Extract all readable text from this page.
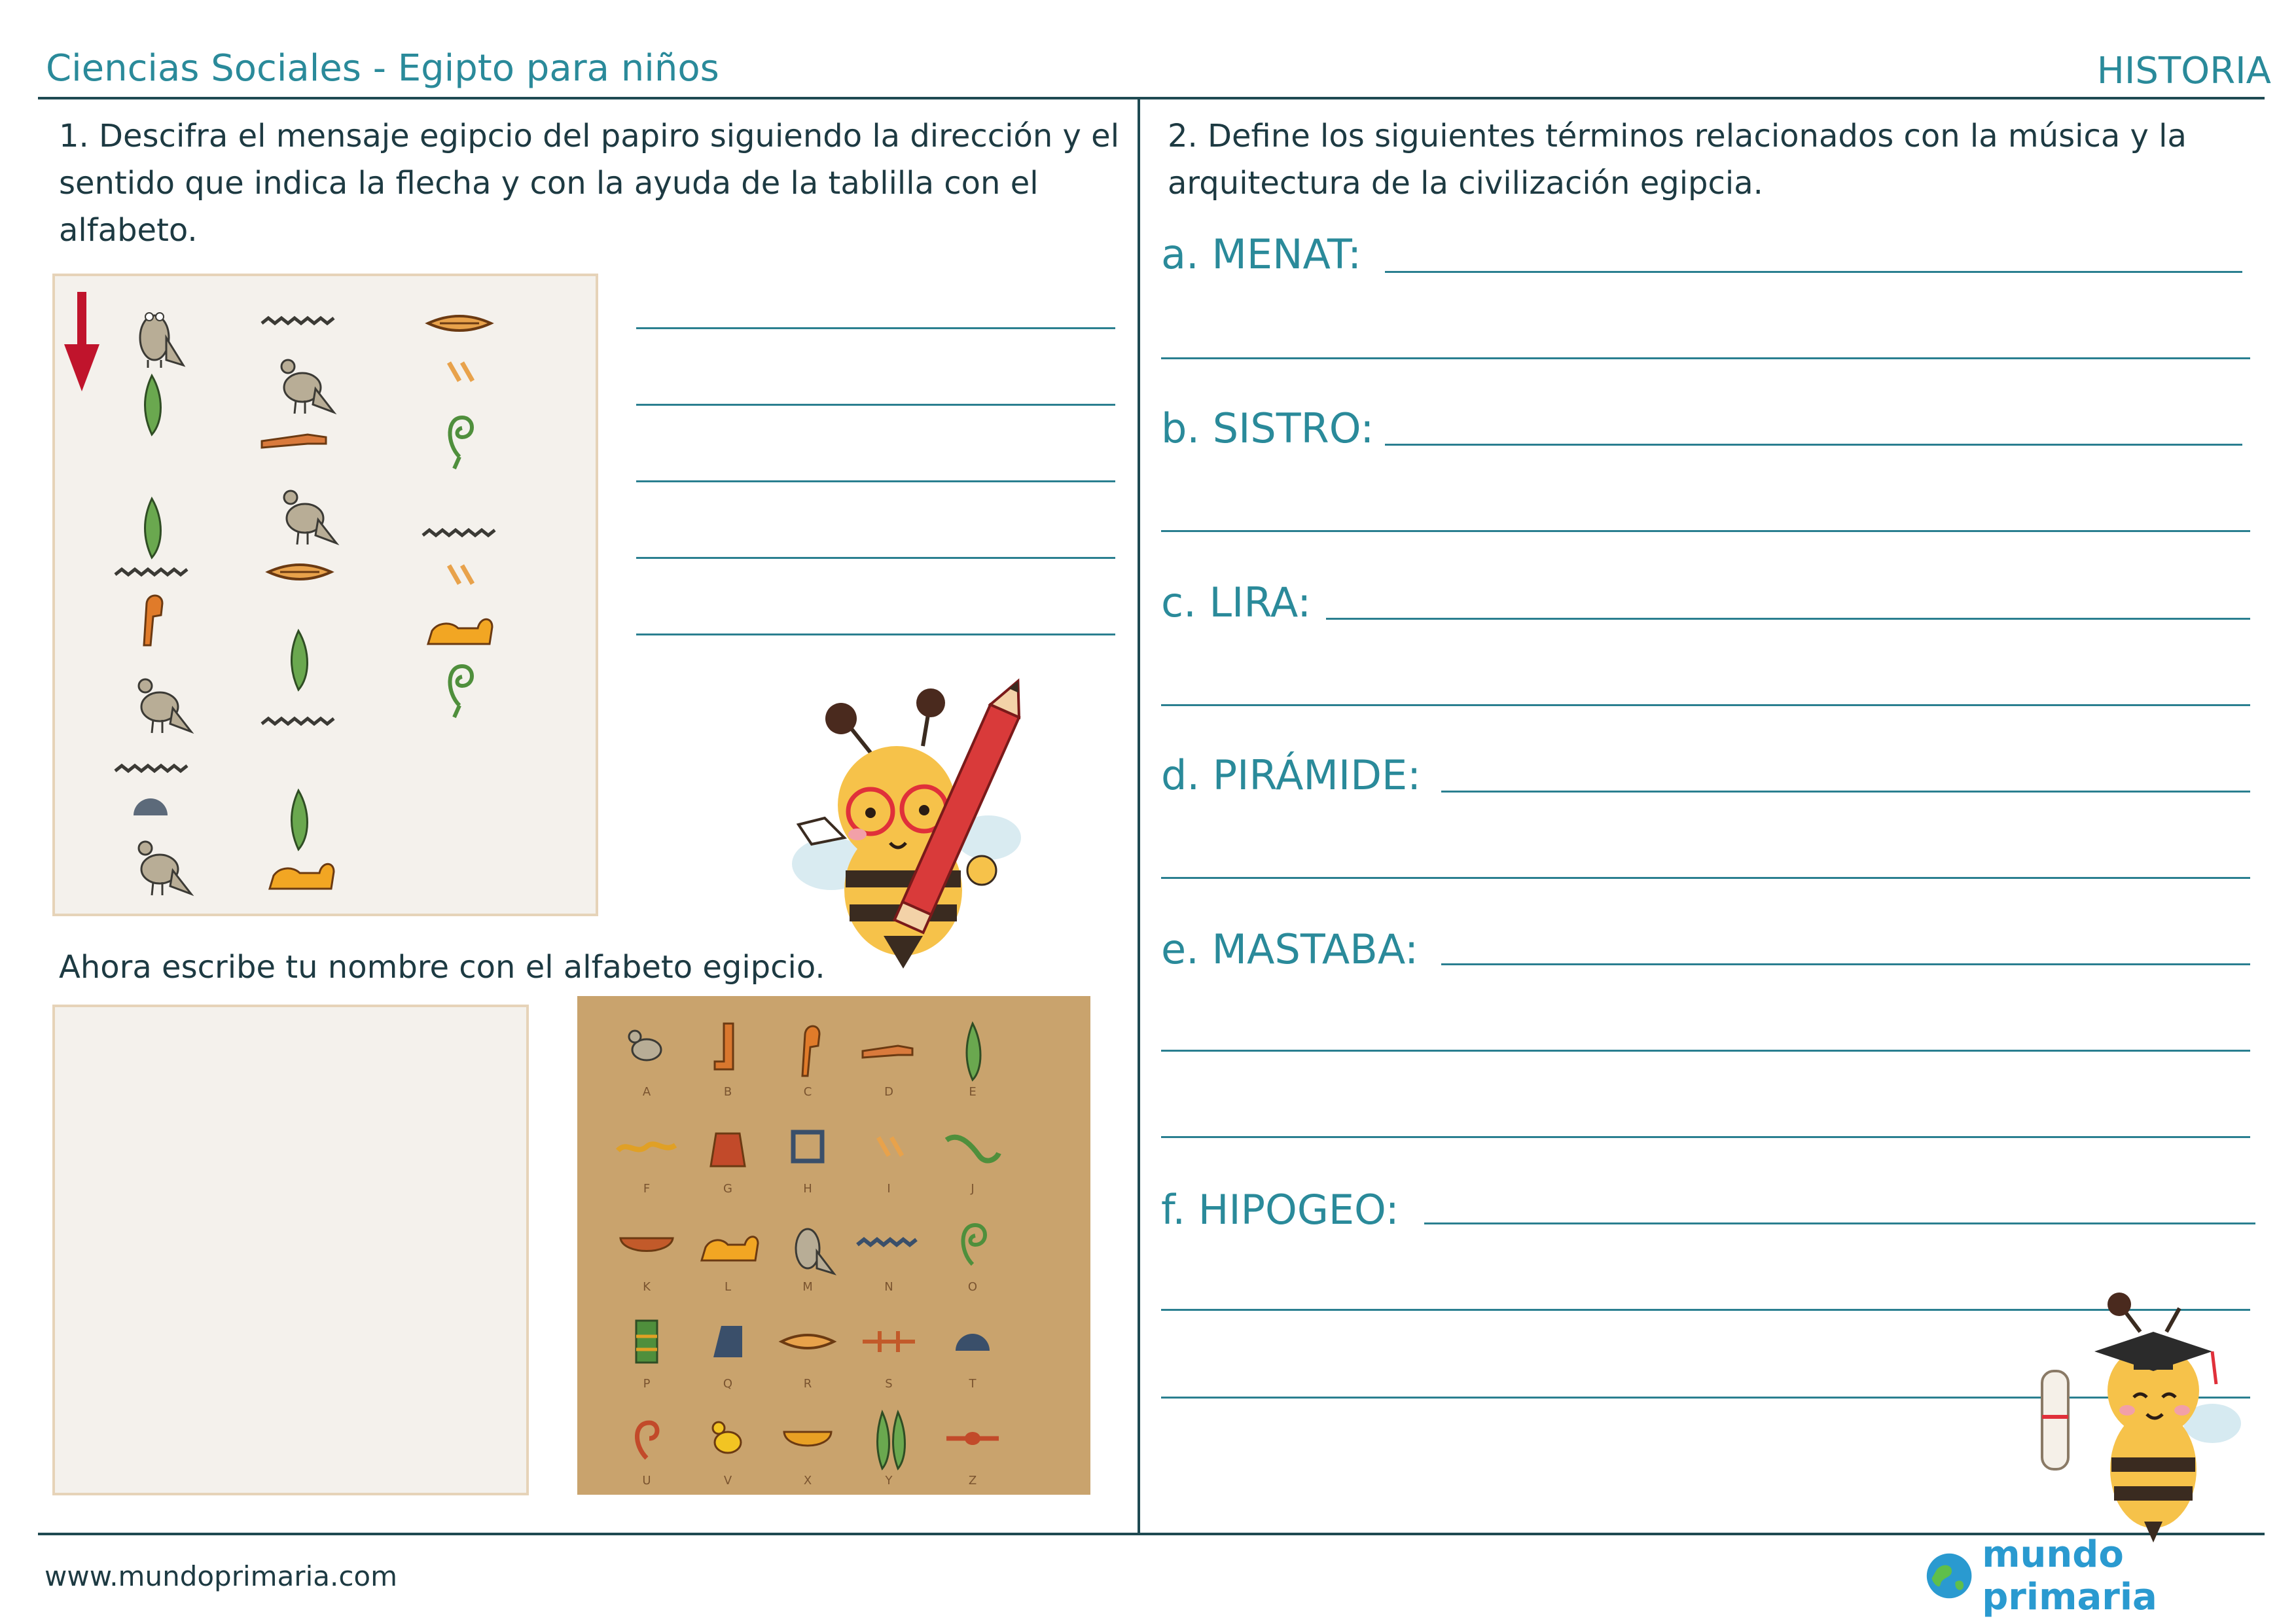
Ciencias Sociales - Egipto para niños	HISTORIA
1. Descifra el mensaje egipcio del papiro siguiendo la dirección y el sentido que indica la flecha y con la ayuda de la tablilla con el alfabeto.
Ahora escribe tu nombre con el alfabeto egipcio.
A	B	C	D	E
F	G	H	I	J
K	L	M	N	O
P	Q	R	S	T
U	V	X	Y	Z
2. Define los siguientes términos relacionados con la música y la arquitectura de la civilización egipcia.
a. MENAT:
b. SISTRO:
c. LIRA:
d. PIRÁMIDE:
e. MASTABA:
f. HIPOGEO:
www.mundoprimaria.com
mundo primaria
